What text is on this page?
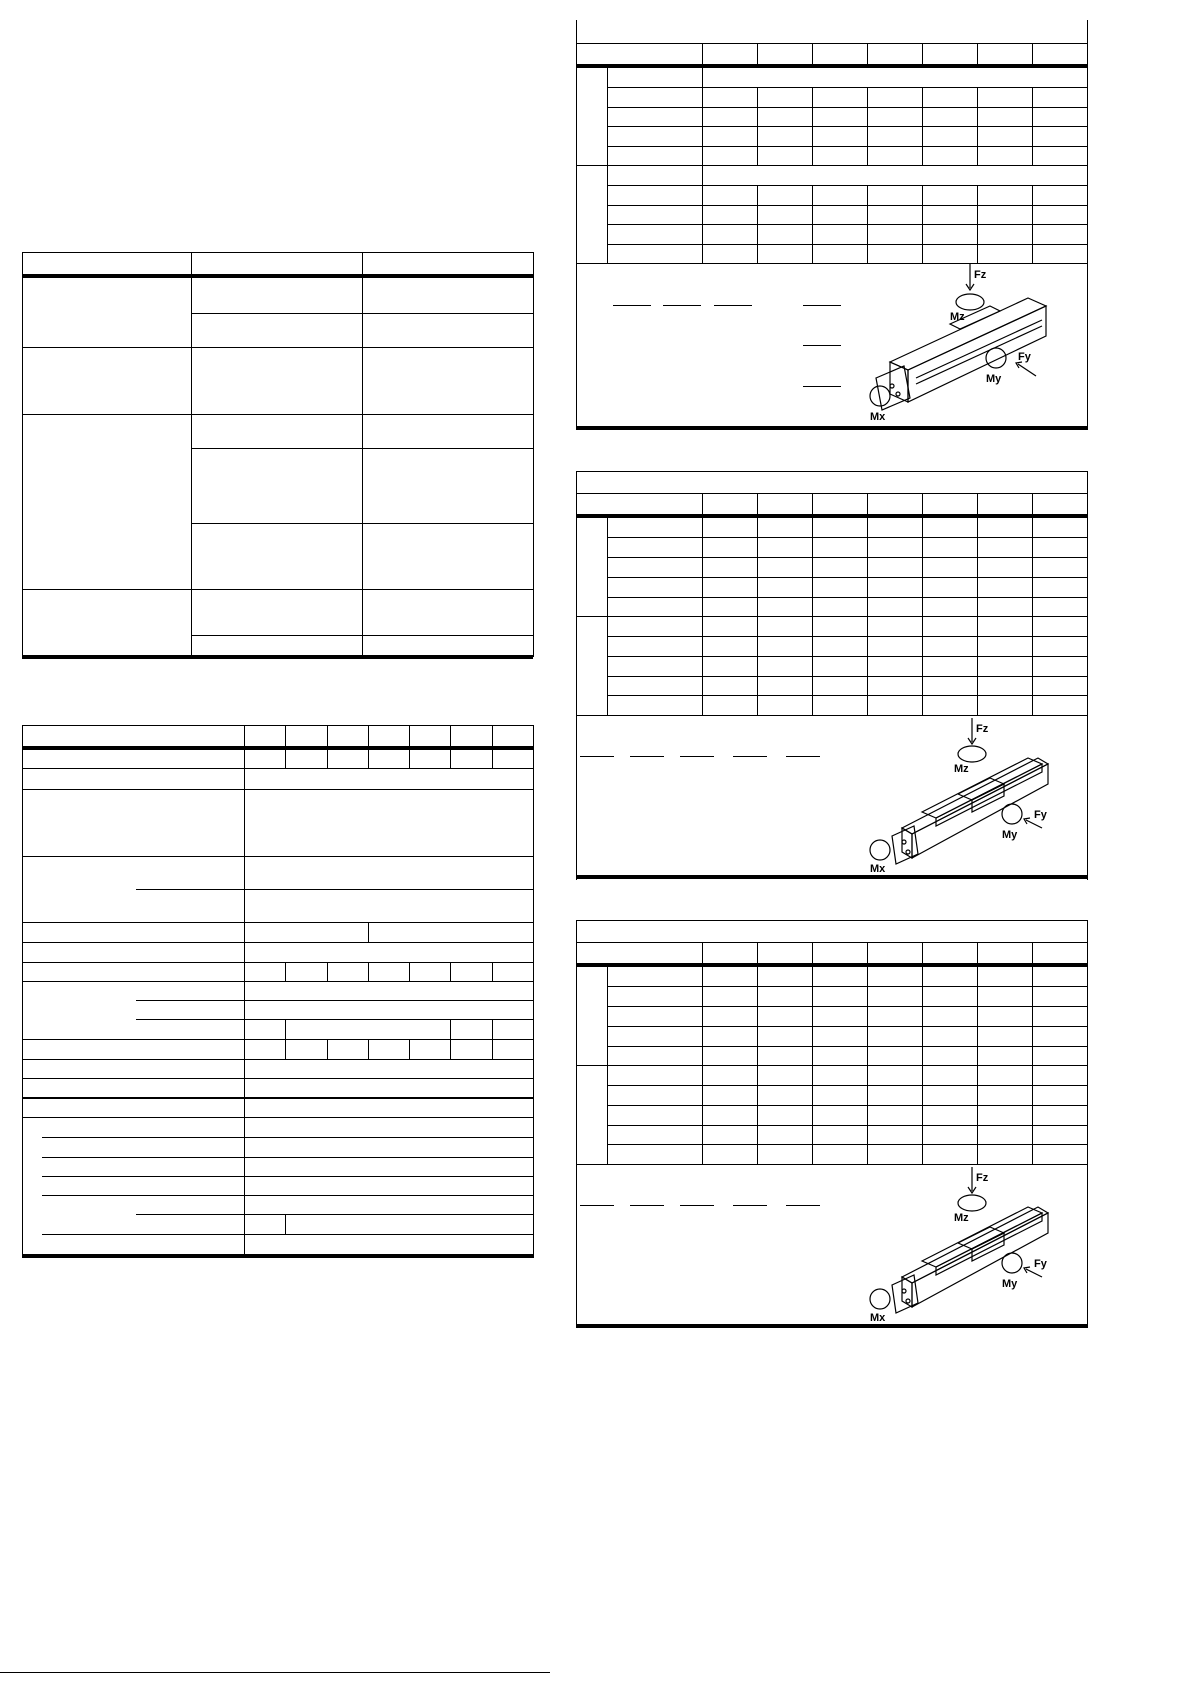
Fz
Mz
My
Fy
Mx
Fz
Mz
My
Fy
Mx
Fz
Mz
My
Fy
Mx
